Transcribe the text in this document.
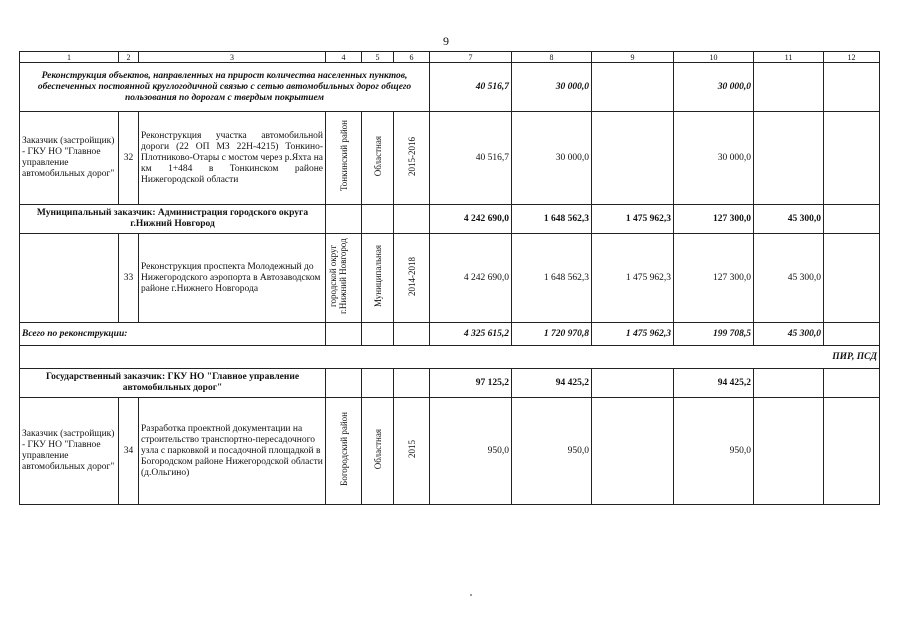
9
1	2	3	4	5	6	7	8	9	10	11	12
Реконструкция объектов, направленных на прирост количества населенных пунктов, обеспеченных постоянной круглогодичной связью с сетью автомобильных дорог общего пользования по дорогам с твердым покрытием						40 516,7	30 000,0		30 000,0		
Заказчик (застройщик) - ГКУ НО "Главное управление автомобильных дорог"	32	Реконструкция участка автомобильной дороги (22 ОП МЗ 22Н-4215) Тонкино-Плотниково-Отары с мостом через р.Яхта на км 1+484 в Тонкинском районе Нижегородской области	Тонкинский район	Областная	2015-2016	40 516,7	30 000,0		30 000,0		
Муниципальный заказчик: Администрация городского округа г.Нижний Новгород						4 242 690,0	1 648 562,3	1 475 962,3	127 300,0	45 300,0	
	33	Реконструкция проспекта Молодежный до Нижегородского аэропорта в Автозаводском районе г.Нижнего Новгорода	городской округ г.Нижний Новгород	Муниципальная	2014-2018	4 242 690,0	1 648 562,3	1 475 962,3	127 300,0	45 300,0	
Всего по реконструкции:						4 325 615,2	1 720 970,8	1 475 962,3	199 708,5	45 300,0	
ПИР, ПСД											
Государственный заказчик: ГКУ НО "Главное управление автомобильных дорог"						97 125,2	94 425,2		94 425,2		
Заказчик (застройщик) - ГКУ НО "Главное управление автомобильных дорог"	34	Разработка проектной документации на строительство транспортно-пересадочного узла с парковкой и посадочной площадкой в Богородском районе Нижегородской области (д.Ольгино)	Богородский район	Областная	2015	950,0	950,0		950,0		
